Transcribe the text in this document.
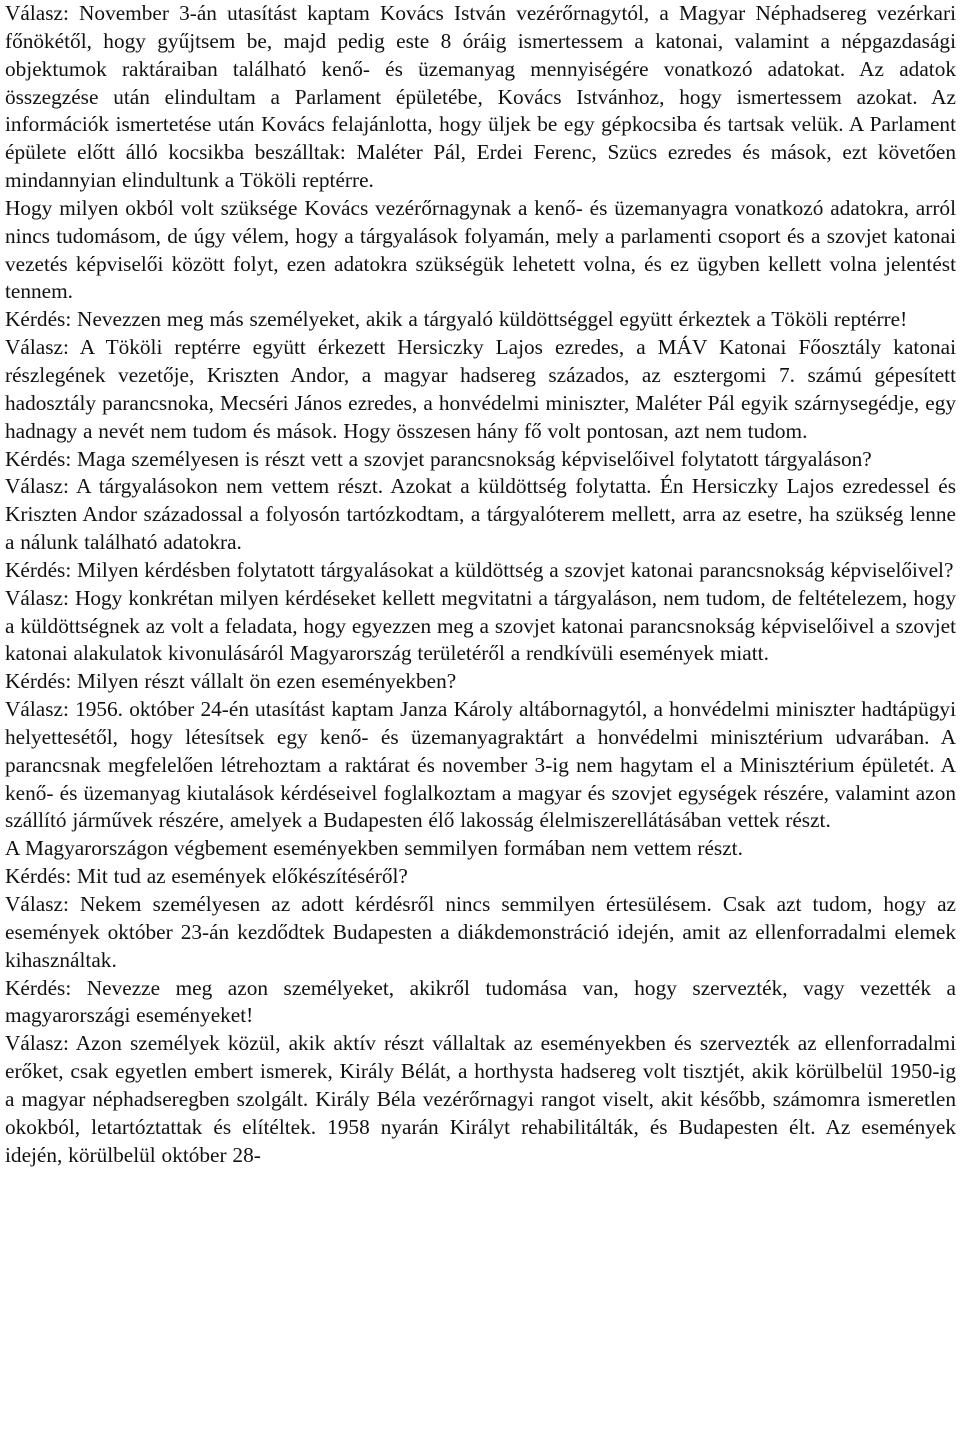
Válasz: November 3-án utasítást kaptam Kovács István vezérőrnagytól, a Magyar Néphadsereg vezérkari főnökétől, hogy gyűjtsem be, majd pedig este 8 óráig ismertessem a katonai, valamint a népgazdasági objektumok raktáraiban található kenő- és üzemanyag mennyiségére vonatkozó adatokat. Az adatok összegzése után elindultam a Parlament épületébe, Kovács Istvánhoz, hogy ismertessem azokat. Az információk ismertetése után Kovács felajánlotta, hogy üljek be egy gépkocsiba és tartsak velük. A Parlament épülete előtt álló kocsikba beszálltak: Maléter Pál, Erdei Ferenc, Szücs ezredes és mások, ezt követően mindannyian elindultunk a Tököli reptérre.

Hogy milyen okból volt szüksége Kovács vezérőrnagynak a kenő- és üzemanyagra vonatkozó adatokra, arról nincs tudomásom, de úgy vélem, hogy a tárgyalások folyamán, mely a parlamenti csoport és a szovjet katonai vezetés képviselői között folyt, ezen adatokra szükségük lehetett volna, és ez ügyben kellett volna jelentést tennem.

Kérdés: Nevezzen meg más személyeket, akik a tárgyaló küldöttséggel együtt érkeztek a Tököli reptérre!

Válasz: A Tököli reptérre együtt érkezett Hersiczky Lajos ezredes, a MÁV Katonai Főosztály katonai részlegének vezetője, Kriszten Andor, a magyar hadsereg százados, az esztergomi 7. számú gépesített hadosztály parancsnoka, Mecséri János ezredes, a honvédelmi miniszter, Maléter Pál egyik szárnysegédje, egy hadnagy a nevét nem tudom és mások. Hogy összesen hány fő volt pontosan, azt nem tudom.

Kérdés: Maga személyesen is részt vett a szovjet parancsnokság képviselőivel folytatott tárgyaláson?

Válasz: A tárgyalásokon nem vettem részt. Azokat a küldöttség folytatta. Én Hersiczky Lajos ezredessel és Kriszten Andor századossal a folyosón tartózkodtam, a tárgyalóterem mellett, arra az esetre, ha szükség lenne a nálunk található adatokra.

Kérdés: Milyen kérdésben folytatott tárgyalásokat a küldöttség a szovjet katonai parancsnokság képviselőivel?

Válasz: Hogy konkrétan milyen kérdéseket kellett megvitatni a tárgyaláson, nem tudom, de feltételezem, hogy a küldöttségnek az volt a feladata, hogy egyezzen meg a szovjet katonai parancsnokság képviselőivel a szovjet katonai alakulatok kivonulásáról Magyarország területéről a rendkívüli események miatt.

Kérdés: Milyen részt vállalt ön ezen eseményekben?

Válasz: 1956. október 24-én utasítást kaptam Janza Károly altábornagytól, a honvédelmi miniszter hadtápügyi helyettesétől, hogy létesítsek egy kenő- és üzemanyagraktárt a honvédelmi minisztérium udvarában. A parancsnak megfelelően létrehoztam a raktárat és november 3-ig nem hagytam el a Minisztérium épületét. A kenő- és üzemanyag kiutalások kérdéseivel foglalkoztam a magyar és szovjet egységek részére, valamint azon szállító járművek részére, amelyek a Budapesten élő lakosság élelmiszerellátásában vettek részt.

A Magyarországon végbement eseményekben semmilyen formában nem vettem részt.

Kérdés: Mit tud az események előkészítéséről?

Válasz: Nekem személyesen az adott kérdésről nincs semmilyen értesülésem. Csak azt tudom, hogy az események október 23-án kezdődtek Budapesten a diákdemonstráció idején, amit az ellenforradalmi elemek kihasználtak.

Kérdés: Nevezze meg azon személyeket, akikről tudomása van, hogy szervezték, vagy vezették a magyarországi eseményeket!

Válasz: Azon személyek közül, akik aktív részt vállaltak az eseményekben és szervezték az ellenforradalmi erőket, csak egyetlen embert ismerek, Király Bélát, a horthysta hadsereg volt tisztjét, akik körülbelül 1950-ig a magyar néphadseregben szolgált. Király Béla vezérőrnagyi rangot viselt, akit később, számomra ismeretlen okokból, letartóztattak és elítéltek. 1958 nyarán Királyt rehabilitálták, és Budapesten élt. Az események idején, körülbelül október 28-
